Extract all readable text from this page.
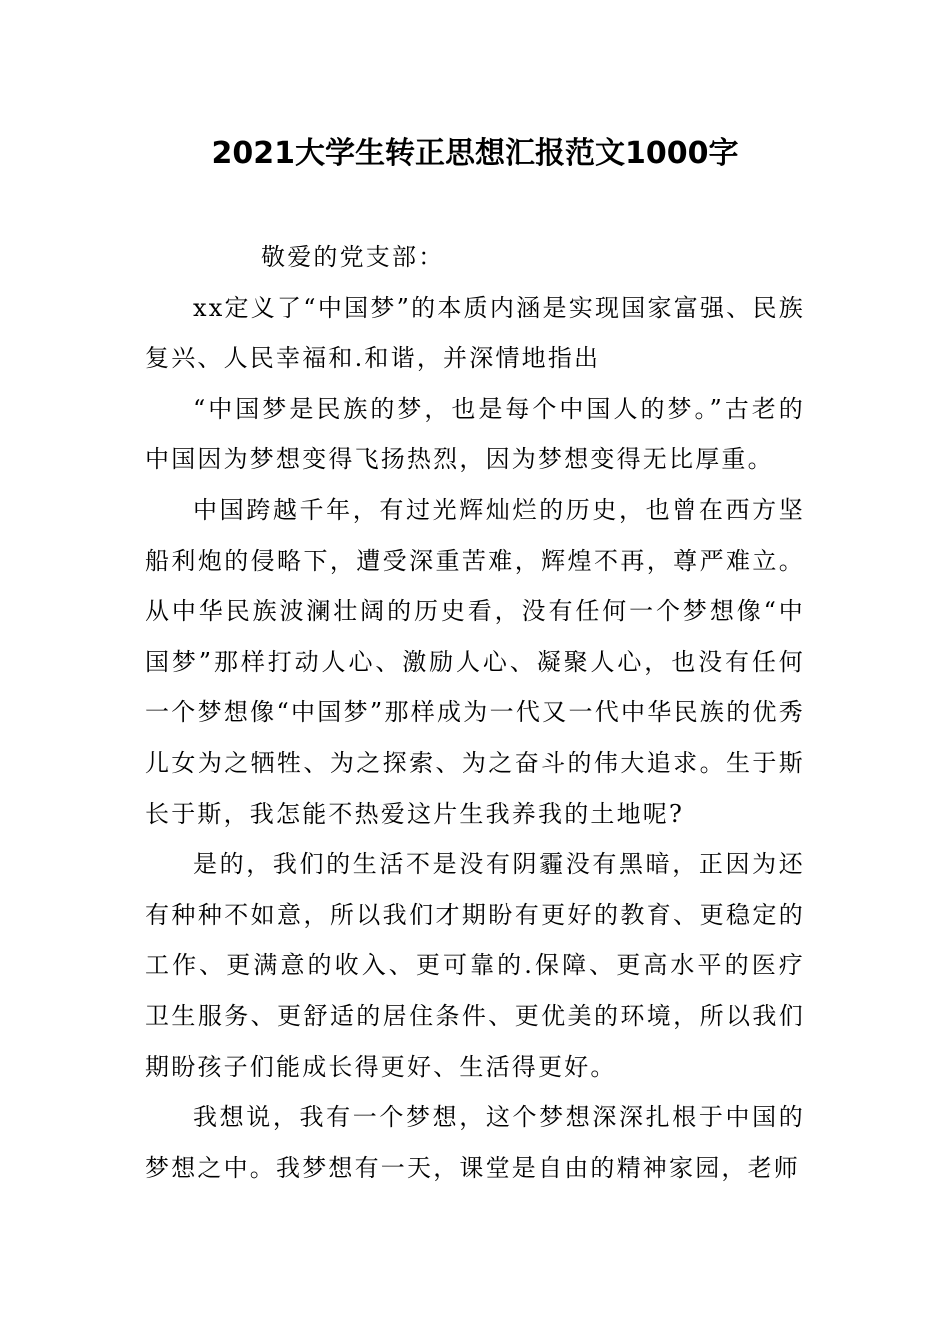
2021大学生转正思想汇报范文1000字

敬爱的党支部：

xx定义了“中国梦”的本质内涵是实现国家富强、民族复兴、人民幸福和.和谐，并深情地指出

“中国梦是民族的梦，也是每个中国人的梦。”古老的中国因为梦想变得飞扬热烈，因为梦想变得无比厚重。

中国跨越千年，有过光辉灿烂的历史，也曾在西方坚船利炮的侵略下，遭受深重苦难，辉煌不再，尊严难立。从中华民族波澜壮阔的历史看，没有任何一个梦想像“中国梦”那样打动人心、激励人心、凝聚人心，也没有任何一个梦想像“中国梦”那样成为一代又一代中华民族的优秀儿女为之牺牲、为之探索、为之奋斗的伟大追求。生于斯长于斯，我怎能不热爱这片生我养我的土地呢?

是的，我们的生活不是没有阴霾没有黑暗，正因为还有种种不如意，所以我们才期盼有更好的教育、更稳定的工作、更满意的收入、更可靠的.保障、更高水平的医疗卫生服务、更舒适的居住条件、更优美的环境，所以我们期盼孩子们能成长得更好、生活得更好。

我想说，我有一个梦想，这个梦想深深扎根于中国的梦想之中。我梦想有一天，课堂是自由的精神家园，老师
